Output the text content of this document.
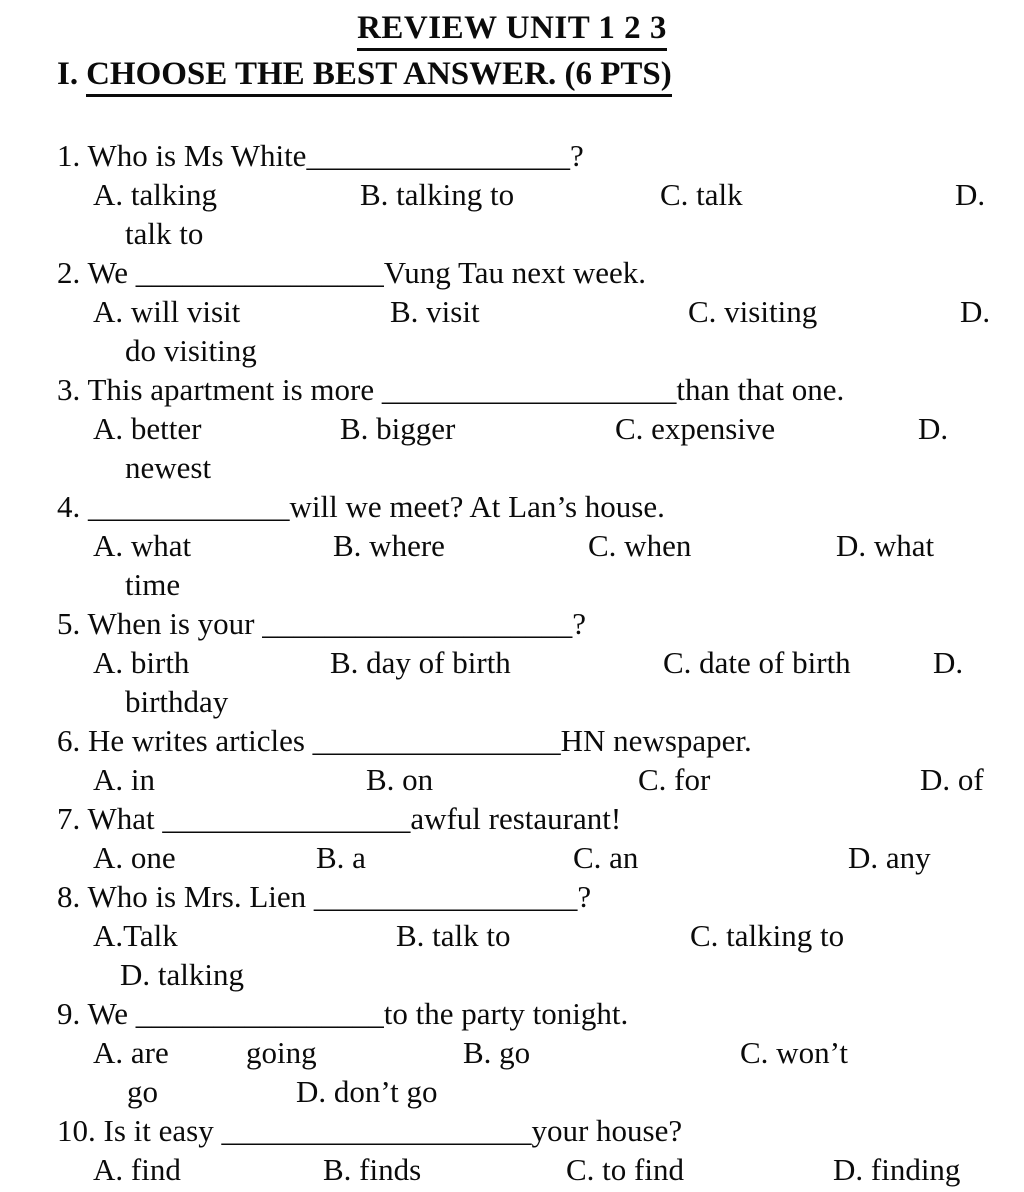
REVIEW UNIT 1 2 3
I. CHOOSE THE BEST ANSWER. (6 PTS)
1. Who is Ms White_________________?
A. talking	B. talking to	C. talk	D.
talk to
2. We ________________Vung Tau next week.
A. will visit	B. visit	C. visiting	D.
do visiting
3. This apartment is more ___________________than that one.
A. better	B. bigger	C. expensive	D.
newest
4. _____________will we meet? At Lan’s house.
A. what	B. where	C. when	D. what
time
5. When is your ____________________?
A. birth	B. day of birth	C. date of birth	D.
birthday
6. He writes articles ________________HN newspaper.
A. in	B. on	C. for	D. of
7. What ________________awful restaurant!
A. one	B. a	C. an	D. any
8. Who is Mrs. Lien _________________?
A.Talk	B. talk to	C. talking to
D. talking
9. We ________________to the party tonight.
A. are going	B. go	C. won’t
go	D. don’t go
10. Is it easy ____________________your house?
A. find	B. finds	C. to find	D. finding
